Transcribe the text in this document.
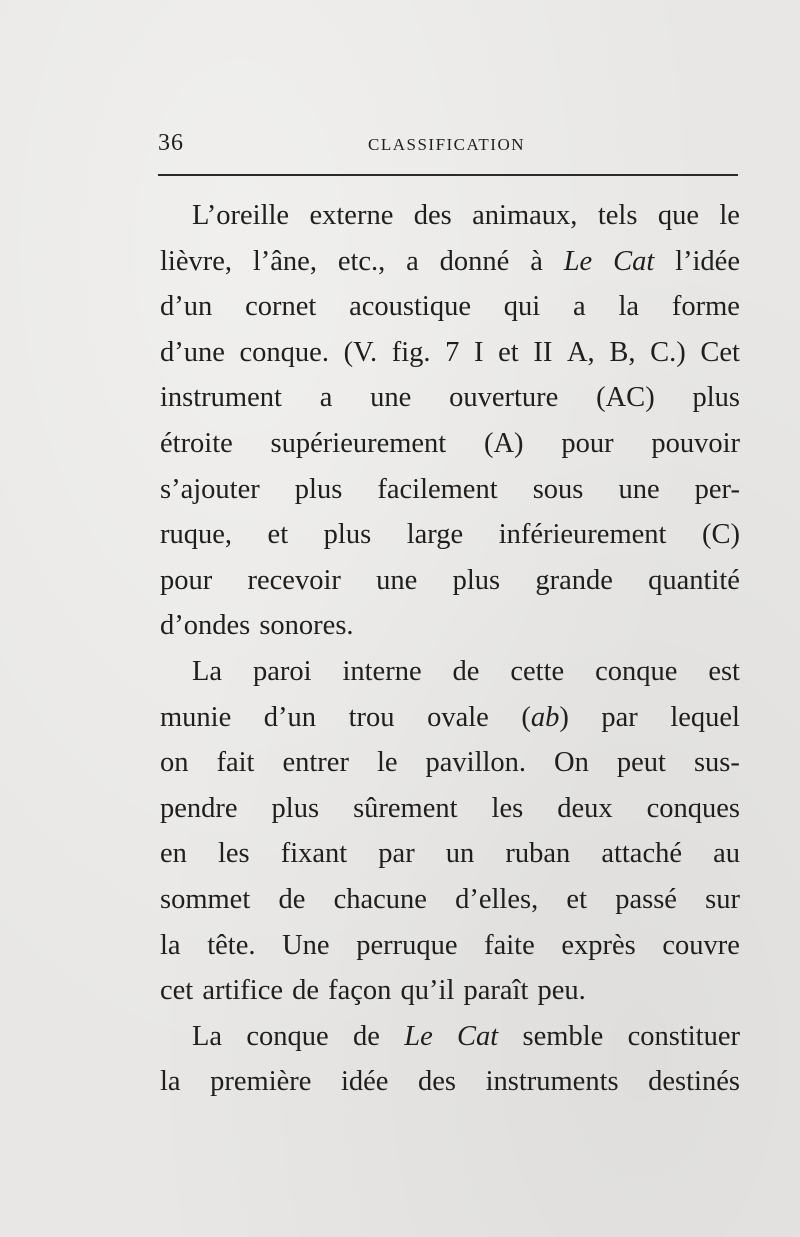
36	CLASSIFICATION
L’oreille externe des animaux, tels que le
lièvre, l’âne, etc., a donné à Le Cat l’idée
d’un cornet acoustique qui a la forme
d’une conque. (V. fig. 7 I et II A, B, C.) Cet
instrument a une ouverture (AC) plus
étroite supérieurement (A) pour pouvoir
s’ajouter plus facilement sous une per-
ruque, et plus large inférieurement (C)
pour recevoir une plus grande quantité
d’ondes sonores.
La paroi interne de cette conque est
munie d’un trou ovale (ab) par lequel
on fait entrer le pavillon. On peut sus-
pendre plus sûrement les deux conques
en les fixant par un ruban attaché au
sommet de chacune d’elles, et passé sur
la tête. Une perruque faite exprès couvre
cet artifice de façon qu’il paraît peu.
La conque de Le Cat semble constituer
la première idée des instruments destinés
